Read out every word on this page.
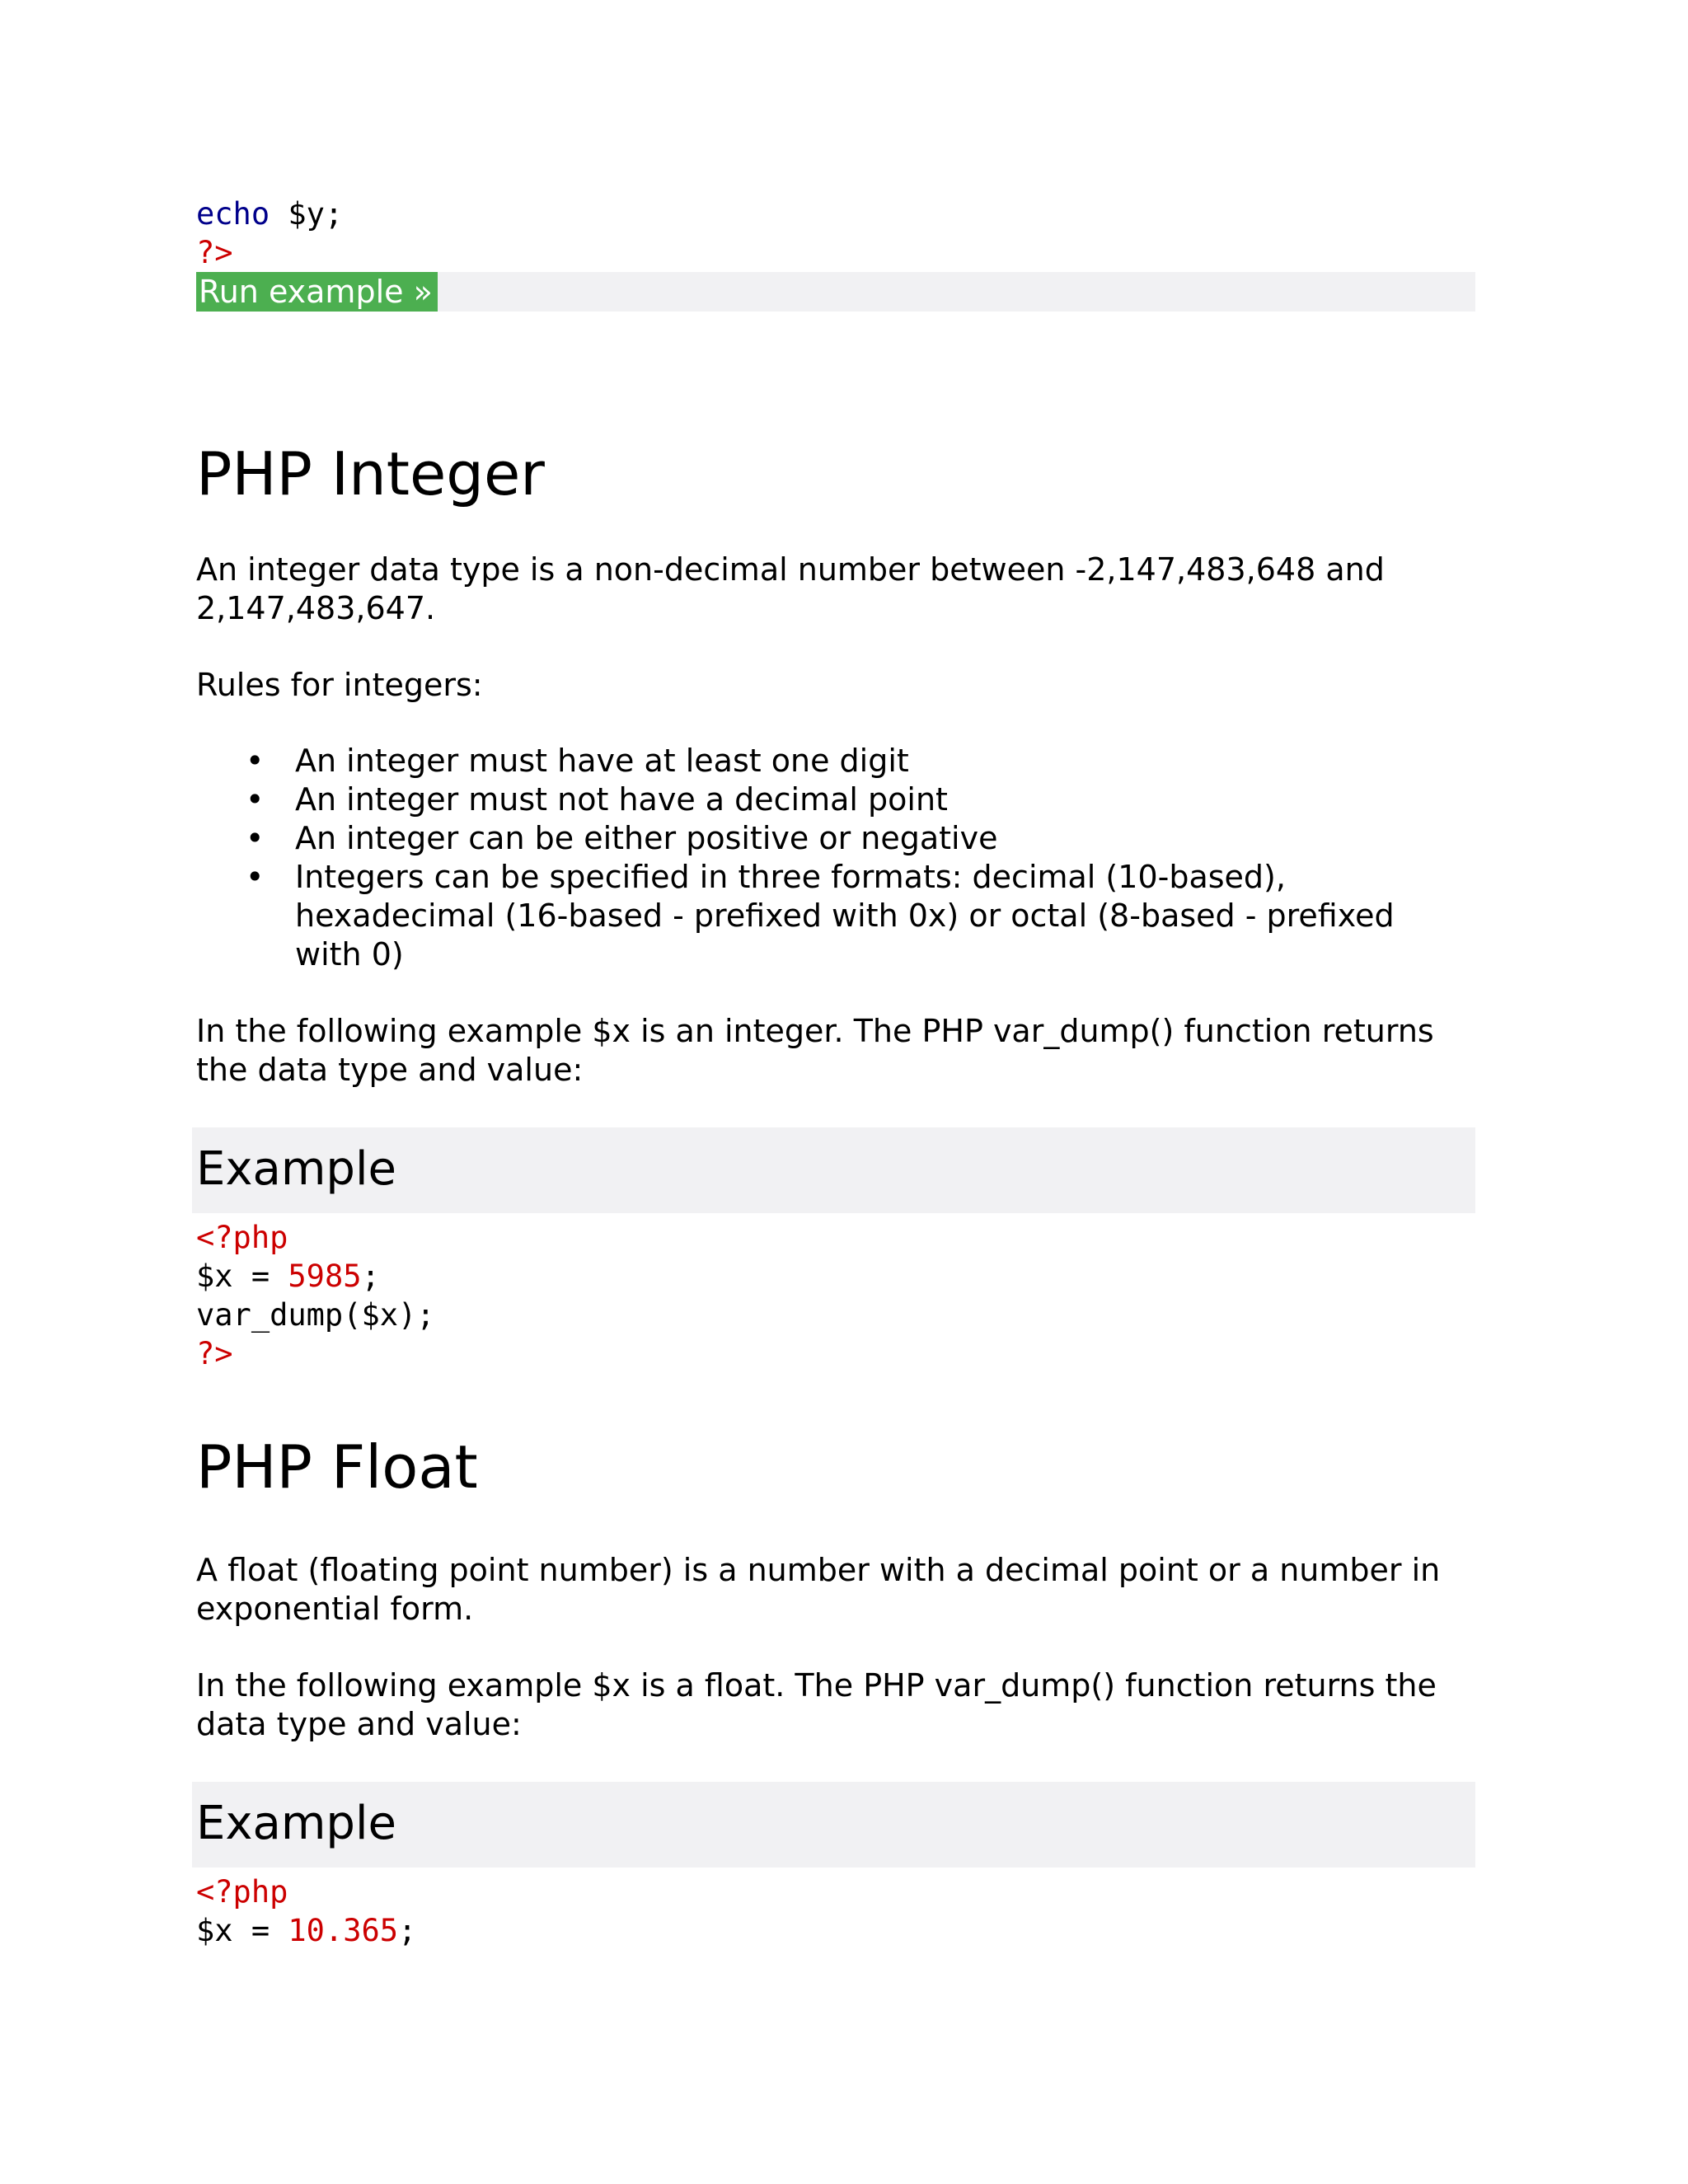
echo $y;
?>
Run example »
PHP Integer
An integer data type is a non-decimal number between -2,147,483,648 and
2,147,483,647.
Rules for integers:
• An integer must have at least one digit
• An integer must not have a decimal point
• An integer can be either positive or negative
• Integers can be specified in three formats: decimal (10-based),
hexadecimal (16-based - prefixed with 0x) or octal (8-based - prefixed
with 0)
In the following example $x is an integer. The PHP var_dump() function returns
the data type and value:
Example
<?php
$x = 5985;
var_dump($x);
?>
PHP Float
A float (floating point number) is a number with a decimal point or a number in
exponential form.
In the following example $x is a float. The PHP var_dump() function returns the
data type and value:
Example
<?php
$x = 10.365;
